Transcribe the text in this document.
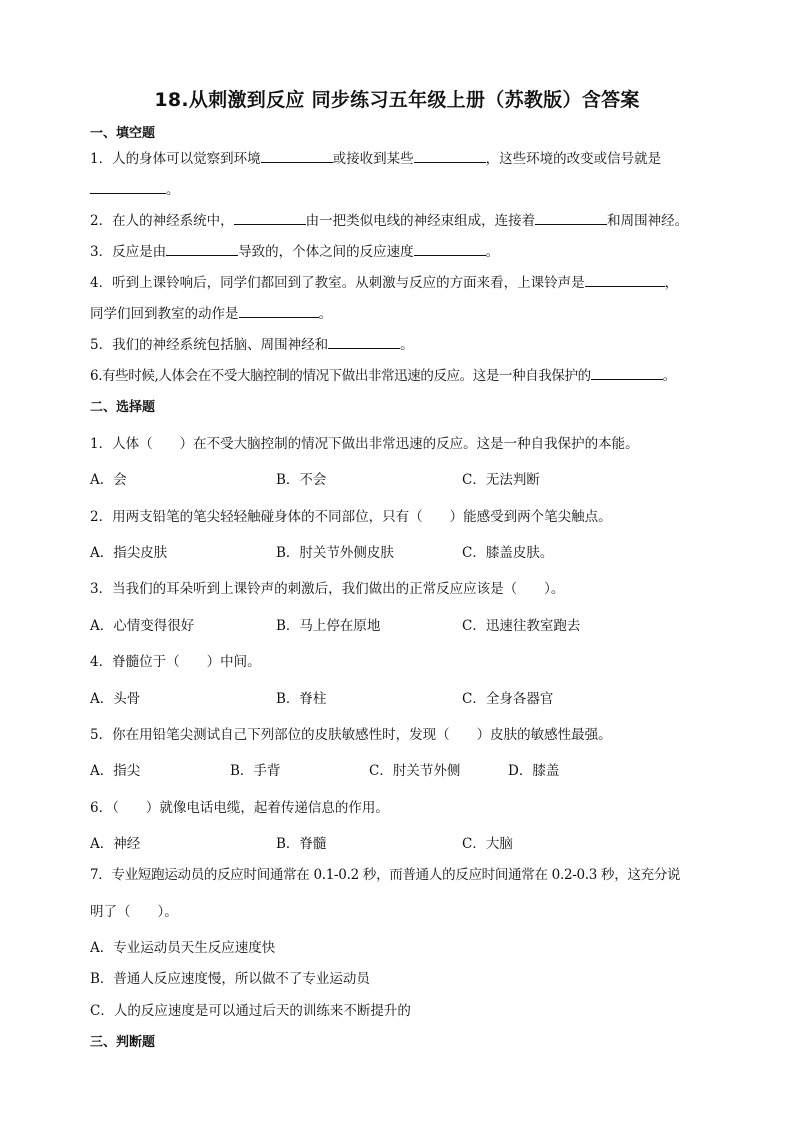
18.从刺激到反应 同步练习五年级上册（苏教版）含答案
一、填空题
1．人的身体可以觉察到环境	或接收到某些	，这些环境的改变或信号就是
。
2．在人的神经系统中，	由一把类似电线的神经束组成，连接着	和周围神经。
3．反应是由	导致的，个体之间的反应速度	。
4．听到上课铃响后，同学们都回到了教室。从刺激与反应的方面来看，上课铃声是	，
同学们回到教室的动作是	。
5．我们的神经系统包括脑、周围神经和	。
6.有些时候,人体会在不受大脑控制的情况下做出非常迅速的反应。这是一种自我保护的	。
二、选择题
1．人体（　　）在不受大脑控制的情况下做出非常迅速的反应。这是一种自我保护的本能。
A．会	B．不会	C．无法判断
2．用两支铅笔的笔尖轻轻触碰身体的不同部位，只有（　　）能感受到两个笔尖触点。
A．指尖皮肤	B．肘关节外侧皮肤	C．膝盖皮肤。
3．当我们的耳朵听到上课铃声的刺激后，我们做出的正常反应应该是（　　）。
A．心情变得很好	B．马上停在原地	C．迅速往教室跑去
4．脊髓位于（　　）中间。
A．头骨	B．脊柱	C．全身各器官
5．你在用铅笔尖测试自己下列部位的皮肤敏感性时，发现（　　）皮肤的敏感性最强。
A．指尖	B．手背	C．肘关节外侧	D．膝盖
6．（　　）就像电话电缆，起着传递信息的作用。
A．神经	B．脊髓	C．大脑
7．专业短跑运动员的反应时间通常在 0.1-0.2 秒，而普通人的反应时间通常在 0.2-0.3 秒，这充分说
明了（　　）。
A．专业运动员天生反应速度快
B．普通人反应速度慢，所以做不了专业运动员
C．人的反应速度是可以通过后天的训练来不断提升的
三、判断题
